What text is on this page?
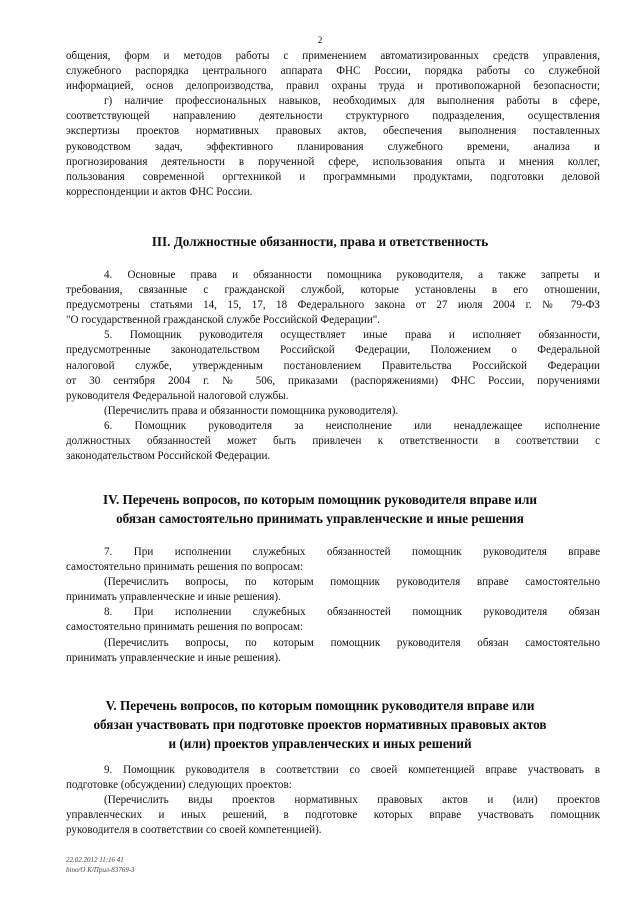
2
общения, форм и методов работы с применением автоматизированных средств управления,
служебного распорядка центрального аппарата ФНС России, порядка работы со служебной
информацией, основ делопроизводства, правил охраны труда и противопожарной безопасности;
г) наличие профессиональных навыков, необходимых для выполнения работы в сфере,
соответствующей направлению деятельности структурного подразделения, осуществления
экспертизы проектов нормативных правовых актов, обеспечения выполнения поставленных
руководством задач, эффективного планирования служебного времени, анализа и
прогнозирования деятельности в порученной сфере, использования опыта и мнения коллег,
пользования современной оргтехникой и программными продуктами, подготовки деловой
корреспонденции и актов ФНС России.
III. Должностные обязанности, права и ответственность
4. Основные права и обязанности помощника руководителя, а также запреты и
требования, связанные с гражданской службой, которые установлены в его отношении,
предусмотрены статьями 14, 15, 17, 18 Федерального закона от 27 июля 2004 г. № 79-ФЗ
"О государственной гражданской службе Российской Федерации".
5. Помощник руководителя осуществляет иные права и исполняет обязанности,
предусмотренные законодательством Российской Федерации, Положением о Федеральной
налоговой службе, утвержденным постановлением Правительства Российской Федерации
от 30 сентября 2004 г. № 506, приказами (распоряжениями) ФНС России, поручениями
руководителя Федеральной налоговой службы.
(Перечислить права и обязанности помощника руководителя).
6. Помощник руководителя за неисполнение или ненадлежащее исполнение
должностных обязанностей может быть привлечен к ответственности в соответствии с
законодательством Российской Федерации.
IV. Перечень вопросов, по которым помощник руководителя вправе или
обязан самостоятельно принимать управленческие и иные решения
7. При исполнении служебных обязанностей помощник руководителя вправе
самостоятельно принимать решения по вопросам:
(Перечислить вопросы, по которым помощник руководителя вправе самостоятельно
принимать управленческие и иные решения).
8. При исполнении служебных обязанностей помощник руководителя обязан
самостоятельно принимать решения по вопросам:
(Перечислить вопросы, по которым помощник руководителя обязан самостоятельно
принимать управленческие и иные решения).
V. Перечень вопросов, по которым помощник руководителя вправе или
обязан участвовать при подготовке проектов нормативных правовых актов
и (или) проектов управленческих и иных решений
9. Помощник руководителя в соответствии со своей компетенцией вправе участвовать в
подготовке (обсуждении) следующих проектов:
(Перечислить виды проектов нормативных правовых актов и (или) проектов
управленческих и иных решений, в подготовке которых вправе участвовать помощник
руководителя в соответствии со своей компетенцией).
22.02.2012 11:16 41
bino/O К/Прил-83769-3
